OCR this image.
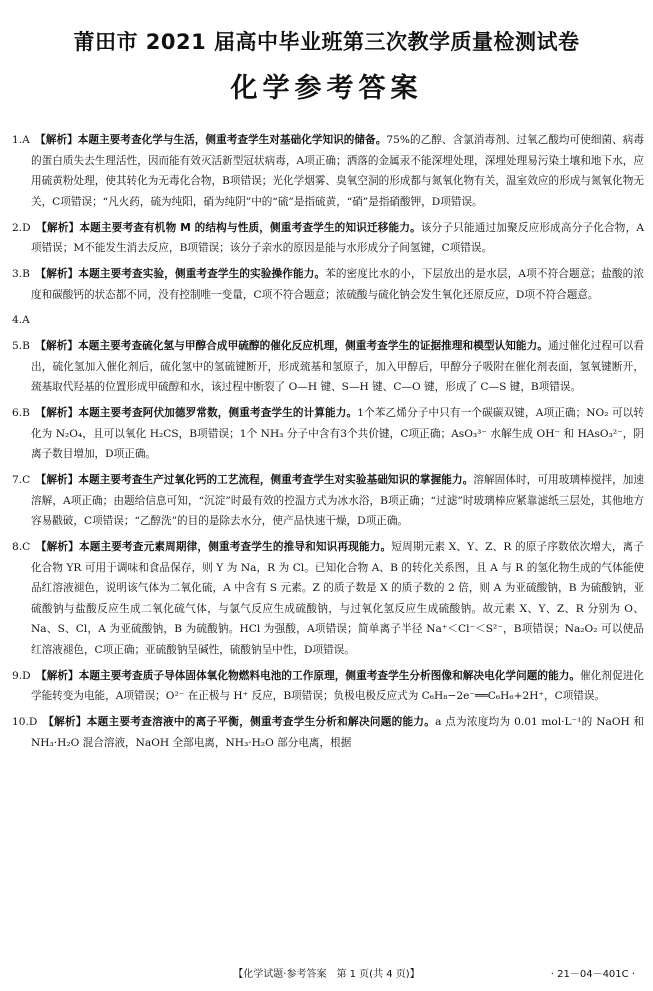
莆田市 2021 届高中毕业班第三次教学质量检测试卷
化学参考答案

1.A　 【解析】本题主要考查化学与生活，侧重考查学生对基础化学知识的储备。75%的乙醇、含氯消毒剂、过氧乙酸均可使细菌、病毒的蛋白质失去生理活性，因而能有效灭活新型冠状病毒，A项正确；洒落的金属汞不能深埋处理，深埋处理易污染土壤和地下水，应用硫黄粉处理，使其转化为无毒化合物，B项错误；光化学烟雾、臭氧空洞的形成都与氮氧化物有关，温室效应的形成与氮氧化物无关，C项错误；“凡火药，硫为纯阳，硝为纯阴”中的“硫”是指硫黄，“硝”是指硝酸钾，D项错误。

2.D　 【解析】本题主要考查有机物 M 的结构与性质，侧重考查学生的知识迁移能力。该分子只能通过加聚反应形成高分子化合物，A项错误；M不能发生消去反应，B项错误；该分子亲水的原因是能与水形成分子间氢键，C项错误。

3.B　 【解析】本题主要考查实验，侧重考查学生的实验操作能力。苯的密度比水的小，下层放出的是水层，A项不符合题意；盐酸的浓度和碳酸钙的状态都不同，没有控制唯一变量，C项不符合题意；浓硫酸与硫化钠会发生氧化还原反应，D项不符合题意。

4.A

5.B　 【解析】本题主要考查硫化氢与甲醇合成甲硫醇的催化反应机理，侧重考查学生的证据推理和模型认知能力。通过催化过程可以看出，硫化氢加入催化剂后，硫化氢中的氢硫键断开，形成巯基和氢原子，加入甲醇后，甲醇分子吸附在催化剂表面，氢氧键断开，巯基取代羟基的位置形成甲硫醇和水，该过程中断裂了 O—H 键、S—H 键、C—O 键，形成了 C—S 键，B项错误。

6.B　 【解析】本题主要考查阿伏加德罗常数，侧重考查学生的计算能力。1个苯乙烯分子中只有一个碳碳双键，A项正确；NO₂ 可以转化为 N₂O₄，且可以氧化 H₂CS，B项错误；1个 NH₃ 分子中含有3个共价键，C项正确；AsO₃³⁻ 水解生成 OH⁻ 和 HAsO₃²⁻，阴离子数目增加，D项正确。

7.C　 【解析】本题主要考查生产过氧化钙的工艺流程，侧重考查学生对实验基础知识的掌握能力。溶解固体时，可用玻璃棒搅拌，加速溶解，A项正确；由题给信息可知，“沉淀”时最有效的控温方式为冰水浴，B项正确；“过滤”时玻璃棒应紧靠滤纸三层处，其他地方容易戳破，C项错误；“乙醇洗”的目的是除去水分，使产品快速干燥，D项正确。

8.C　 【解析】本题主要考查元素周期律，侧重考查学生的推导和知识再现能力。短周期元素 X、Y、Z、R 的原子序数依次增大，离子化合物 YR 可用于调味和食品保存，则 Y 为 Na，R 为 Cl。已知化合物 A、B 的转化关系图，且 A 与 R 的氢化物生成的气体能使品红溶液褪色，说明该气体为二氧化硫，A 中含有 S 元素。Z 的质子数是 X 的质子数的 2 倍，则 A 为亚硫酸钠，B 为硫酸钠，亚硫酸钠与盐酸反应生成二氧化硫气体，与氯气反应生成硫酸钠，与过氧化氢反应生成硫酸钠。故元素 X、Y、Z、R 分别为 O、Na、S、Cl，A 为亚硫酸钠，B 为硫酸钠。HCl 为强酸，A项错误；简单离子半径 Na⁺＜Cl⁻＜S²⁻，B项错误；Na₂O₂ 可以使品红溶液褪色，C项正确；亚硫酸钠呈碱性，硫酸钠呈中性，D项错误。

9.D　 【解析】本题主要考查质子导体固体氧化物燃料电池的工作原理，侧重考查学生分析图像和解决电化学问题的能力。催化剂促进化学能转变为电能，A项错误；O²⁻ 在正极与 H⁺ 反应，B项错误；负极电极反应式为 C₆H₈−2e⁻══C₆H₆+2H⁺，C项错误。

10.D　 【解析】本题主要考查溶液中的离子平衡，侧重考查学生分析和解决问题的能力。a 点为浓度均为 0.01 mol·L⁻¹的 NaOH 和 NH₃·H₂O 混合溶液，NaOH 全部电离，NH₃·H₂O 部分电离，根据

【化学试题·参考答案　第 1 页(共 4 页)】	· 21－04－401C ·
